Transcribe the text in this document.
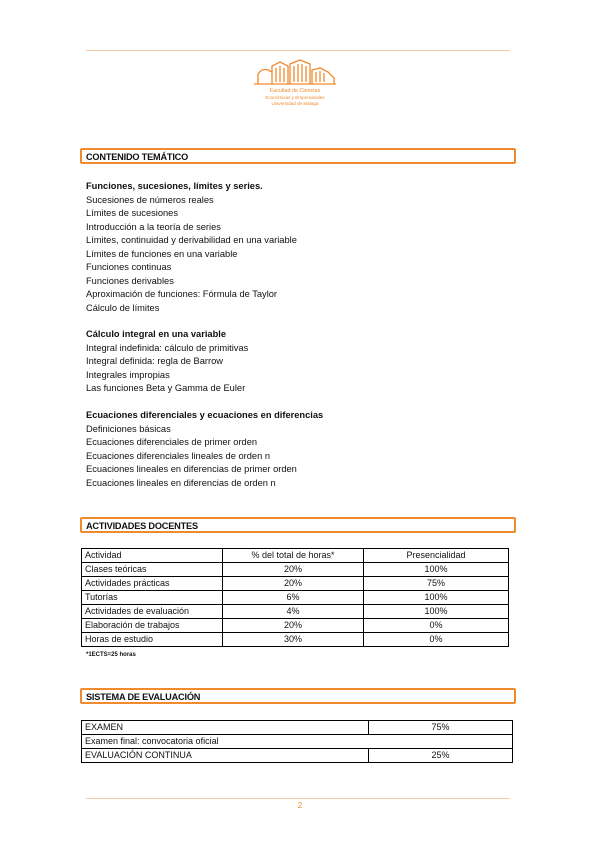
Facultad de Ciencias
Económicas y Empresariales
Universidad de Málaga
CONTENIDO TEMÁTICO
Funciones, sucesiones, límites y series.
Sucesiones de números reales
Límites de sucesiones
Introducción a la teoría de series
Límites, continuidad y derivabilidad en una variable
Límites de funciones en una variable
Funciones continuas
Funciones derivables
Aproximación de funciones: Fórmula de Taylor
Cálculo de límites
Cálculo integral en una variable
Integral indefinida: cálculo de primitivas
Integral definida: regla de Barrow
Integrales impropias
Las funciones Beta y Gamma de Euler
Ecuaciones diferenciales y ecuaciones en diferencias
Definiciones básicas
Ecuaciones diferenciales de primer orden
Ecuaciones diferenciales lineales de orden n
Ecuaciones lineales en diferencias de primer orden
Ecuaciones lineales en diferencias de orden n
ACTIVIDADES DOCENTES
Actividad	% del total de horas*	Presencialidad
Clases teóricas	20%	100%
Actividades prácticas	20%	75%
Tutorías	6%	100%
Actividades de evaluación	4%	100%
Elaboración de trabajos	20%	0%
Horas de estudio	30%	0%
*1ECTS=25 horas
SISTEMA DE EVALUACIÓN
EXAMEN	75%
Examen final: convocatoria oficial	
EVALUACIÓN CONTINUA	25%
2
